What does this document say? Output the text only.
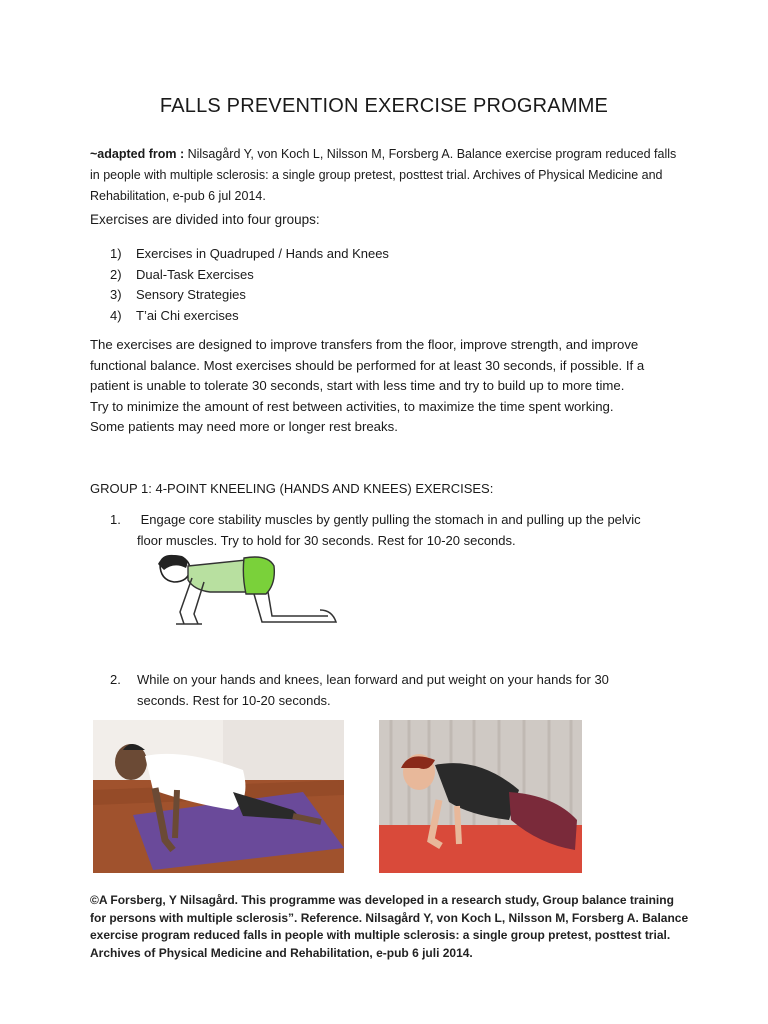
FALLS PREVENTION EXERCISE PROGRAMME
~adapted from : Nilsagård Y, von Koch L, Nilsson M, Forsberg A. Balance exercise program reduced falls
in people with multiple sclerosis: a single group pretest, posttest trial. Archives of Physical Medicine and
Rehabilitation, e-pub 6 jul 2014.
Exercises are divided into four groups:
1)	Exercises in Quadruped / Hands and Knees
2)	Dual-Task Exercises
3)	Sensory Strategies
4)	T’ai Chi exercises
The exercises are designed to improve transfers from the floor, improve strength, and improve
functional balance. Most exercises should be performed for at least 30 seconds, if possible. If a
patient is unable to tolerate 30 seconds, start with less time and try to build up to more time.
Try to minimize the amount of rest between activities, to maximize the time spent working.
Some patients may need more or longer rest breaks.
GROUP 1: 4-POINT KNEELING (HANDS AND KNEES) EXERCISES:
1.	Engage core stability muscles by gently pulling the stomach in and pulling up the pelvic
floor muscles. Try to hold for 30 seconds. Rest for 10-20 seconds.
2.	While on your hands and knees, lean forward and put weight on your hands for 30
seconds. Rest for 10-20 seconds.
©A Forsberg, Y Nilsagård. This programme was developed in a research study, Group balance training
for persons with multiple sclerosis”. Reference. Nilsagård Y, von Koch L, Nilsson M, Forsberg A. Balance
exercise program reduced falls in people with multiple sclerosis: a single group pretest, posttest trial.
Archives of Physical Medicine and Rehabilitation, e-pub 6 juli 2014.
